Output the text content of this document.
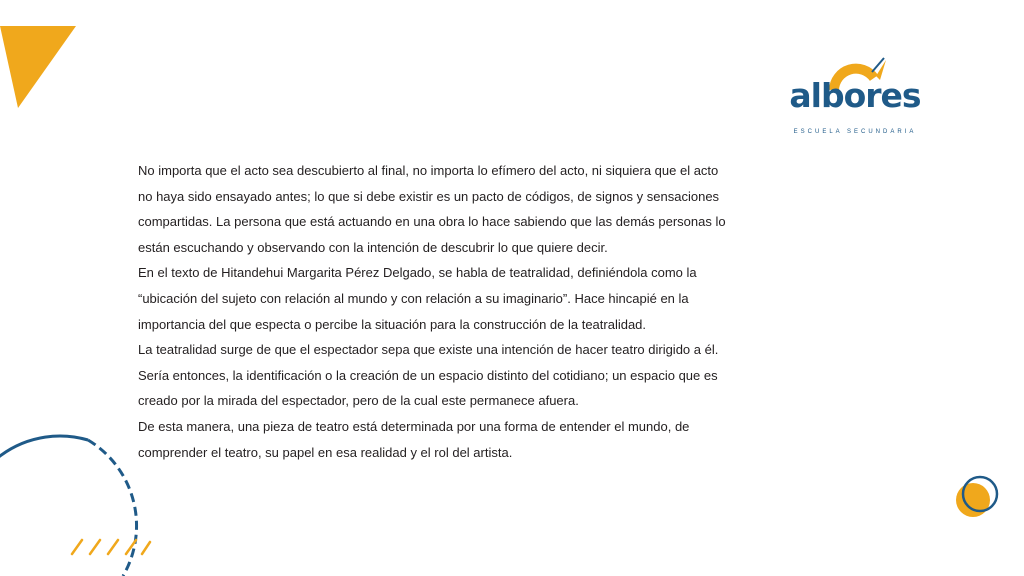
albores
ESCUELA SECUNDARIA
No importa que el acto sea descubierto al final, no importa lo efímero del acto, ni siquiera que el acto
no haya sido ensayado antes; lo que si debe existir es un pacto de códigos, de signos y sensaciones
compartidas. La persona que está actuando en una obra lo hace sabiendo que las demás personas lo
están escuchando y observando con la intención de descubrir lo que quiere decir.
En el texto de Hitandehui Margarita Pérez Delgado, se habla de teatralidad, definiéndola como la
“ubicación del sujeto con relación al mundo y con relación a su imaginario”. Hace hincapié en la
importancia del que especta o percibe la situación para la construcción de la teatralidad.
La teatralidad surge de que el espectador sepa que existe una intención de hacer teatro dirigido a él.
Sería entonces, la identificación o la creación de un espacio distinto del cotidiano; un espacio que es
creado por la mirada del espectador, pero de la cual este permanece afuera.
De esta manera, una pieza de teatro está determinada por una forma de entender el mundo, de
comprender el teatro, su papel en esa realidad y el rol del artista.
